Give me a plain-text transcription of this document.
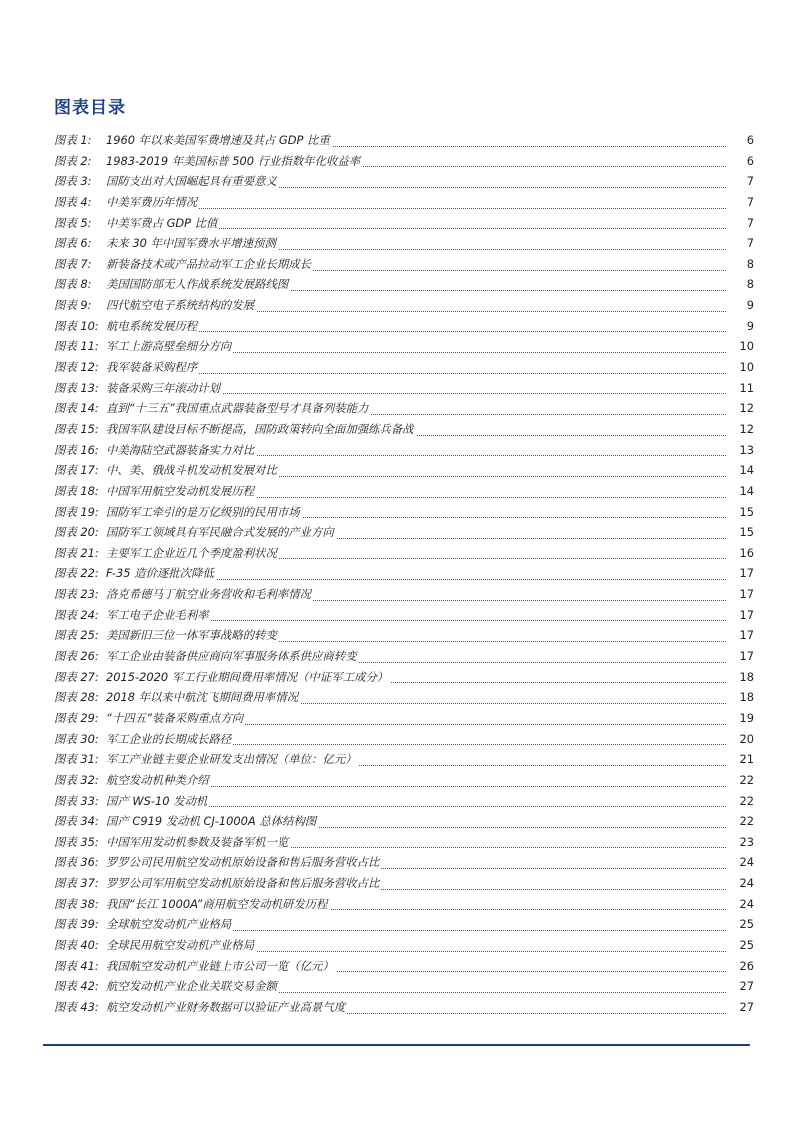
图表目录
图表 1: 1960 年以来美国军费增速及其占 GDP 比重	6
图表 2: 1983-2019 年美国标普 500 行业指数年化收益率	6
图表 3: 国防支出对大国崛起具有重要意义	7
图表 4: 中美军费历年情况	7
图表 5: 中美军费占 GDP 比值	7
图表 6: 未来 30 年中国军费水平增速预测	7
图表 7: 新装备技术或产品拉动军工企业长期成长	8
图表 8: 美国国防部无人作战系统发展路线图	8
图表 9: 四代航空电子系统结构的发展	9
图表 10: 航电系统发展历程	9
图表 11: 军工上游高壁垒细分方向	10
图表 12: 我军装备采购程序	10
图表 13: 装备采购三年滚动计划	11
图表 14: 直到“十三五”我国重点武器装备型号才具备列装能力	12
图表 15: 我国军队建设目标不断提高，国防政策转向全面加强练兵备战	12
图表 16: 中美海陆空武器装备实力对比	13
图表 17: 中、美、俄战斗机发动机发展对比	14
图表 18: 中国军用航空发动机发展历程	14
图表 19: 国防军工牵引的是万亿级别的民用市场	15
图表 20: 国防军工领域具有军民融合式发展的产业方向	15
图表 21: 主要军工企业近几个季度盈利状况	16
图表 22: F-35 造价逐批次降低	17
图表 23: 洛克希德马丁航空业务营收和毛利率情况	17
图表 24: 军工电子企业毛利率	17
图表 25: 美国新旧三位一体军事战略的转变	17
图表 26: 军工企业由装备供应商向军事服务体系供应商转变	17
图表 27: 2015-2020 军工行业期间费用率情况（中证军工成分）	18
图表 28: 2018 年以来中航沈飞期间费用率情况	18
图表 29: “十四五”装备采购重点方向	19
图表 30: 军工企业的长期成长路径	20
图表 31: 军工产业链主要企业研发支出情况（单位：亿元）	21
图表 32: 航空发动机种类介绍	22
图表 33: 国产 WS-10 发动机	22
图表 34: 国产 C919 发动机 CJ-1000A 总体结构图	22
图表 35: 中国军用发动机参数及装备军机一览	23
图表 36: 罗罗公司民用航空发动机原始设备和售后服务营收占比	24
图表 37: 罗罗公司军用航空发动机原始设备和售后服务营收占比	24
图表 38: 我国“长江 1000A”商用航空发动机研发历程	24
图表 39: 全球航空发动机产业格局	25
图表 40: 全球民用航空发动机产业格局	25
图表 41: 我国航空发动机产业链上市公司一览（亿元）	26
图表 42: 航空发动机产业企业关联交易金额	27
图表 43: 航空发动机产业财务数据可以验证产业高景气度	27
